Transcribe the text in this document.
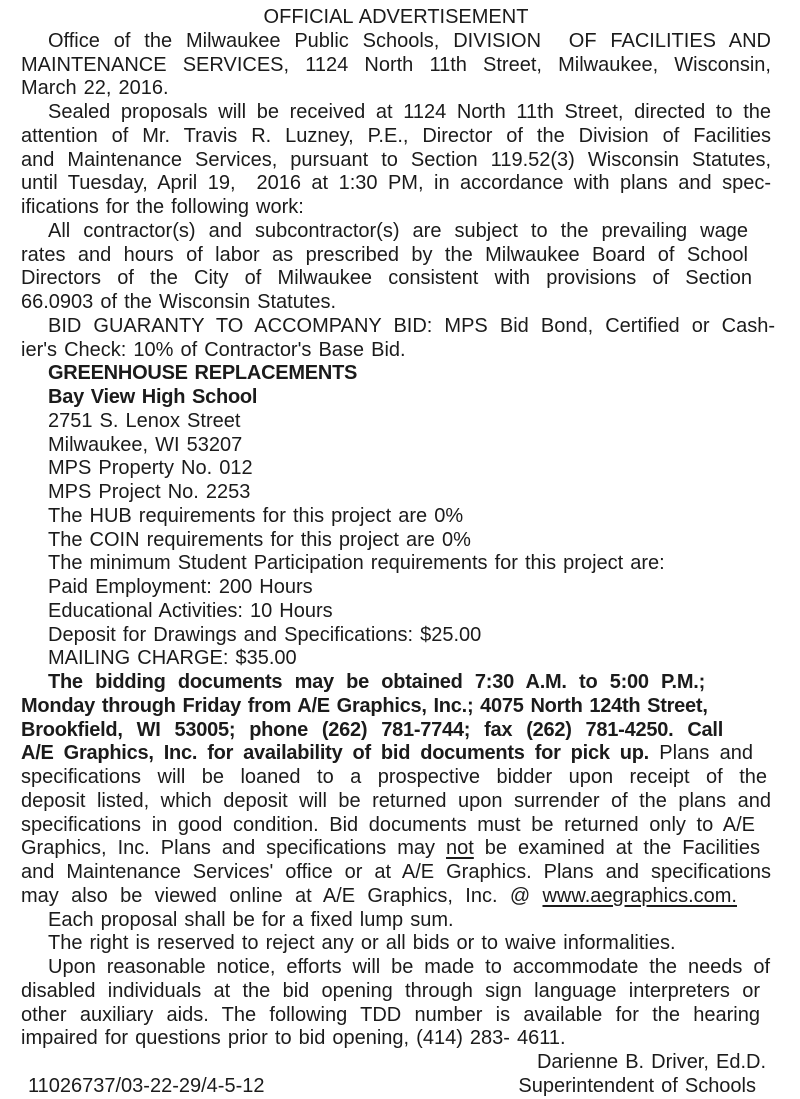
OFFICIAL ADVERTISEMENT
Office of the Milwaukee Public Schools, DIVISION  OF FACILITIES AND
MAINTENANCE SERVICES, 1124 North 11th Street, Milwaukee, Wisconsin,
March 22, 2016.
Sealed proposals will be received at 1124 North 11th Street, directed to the
attention of Mr. Travis R. Luzney, P.E., Director of the Division of Facilities
and Maintenance Services, pursuant to Section 119.52(3) Wisconsin Statutes,
until Tuesday, April 19,  2016 at 1:30 PM, in accordance with plans and spec-
ifications for the following work:
All contractor(s) and subcontractor(s) are subject to the prevailing wage
rates and hours of labor as prescribed by the Milwaukee Board of School
Directors of the City of Milwaukee consistent with provisions of Section
66.0903 of the Wisconsin Statutes.
BID GUARANTY TO ACCOMPANY BID: MPS Bid Bond, Certified or Cash-
ier's Check: 10% of Contractor's Base Bid.
GREENHOUSE REPLACEMENTS
Bay View High School
2751 S. Lenox Street
Milwaukee, WI 53207
MPS Property No. 012
MPS Project No. 2253
The HUB requirements for this project are 0%
The COIN requirements for this project are 0%
The minimum Student Participation requirements for this project are:
Paid Employment: 200 Hours
Educational Activities: 10 Hours
Deposit for Drawings and Specifications: $25.00
MAILING CHARGE: $35.00
The bidding documents may be obtained 7:30 A.M. to 5:00 P.M.;
Monday through Friday from A/E Graphics, Inc.; 4075 North 124th Street,
Brookfield, WI 53005; phone (262) 781-7744; fax (262) 781-4250. Call
A/E Graphics, Inc. for availability of bid documents for pick up. Plans and
specifications will be loaned to a prospective bidder upon receipt of the
deposit listed, which deposit will be returned upon surrender of the plans and
specifications in good condition. Bid documents must be returned only to A/E
Graphics, Inc. Plans and specifications may not be examined at the Facilities
and Maintenance Services' office or at A/E Graphics. Plans and specifications
may also be viewed online at A/E Graphics, Inc. @ www.aegraphics.com.
Each proposal shall be for a fixed lump sum.
The right is reserved to reject any or all bids or to waive informalities.
Upon reasonable notice, efforts will be made to accommodate the needs of
disabled individuals at the bid opening through sign language interpreters or
other auxiliary aids. The following TDD number is available for the hearing
impaired for questions prior to bid opening, (414) 283- 4611.
Darienne B. Driver, Ed.D.
11026737/03-22-29/4-5-12	Superintendent of Schools
